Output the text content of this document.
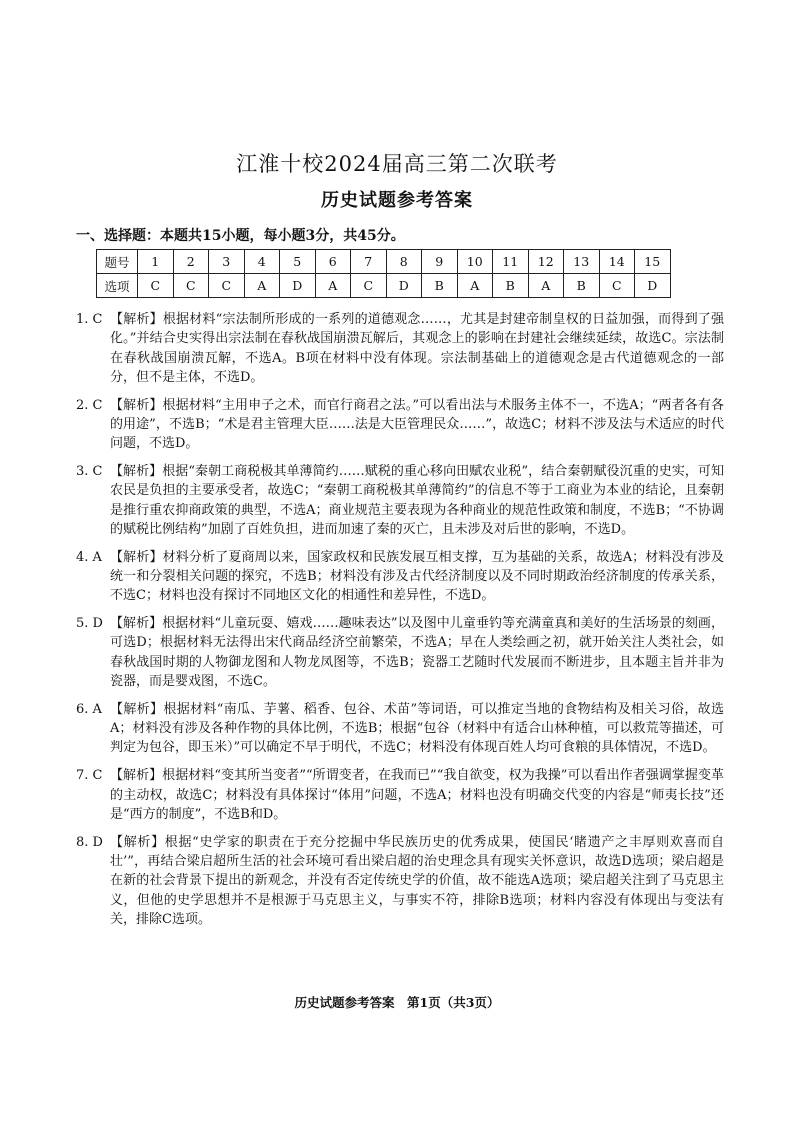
江淮十校2024届高三第二次联考
历史试题参考答案
一、选择题：本题共15小题，每小题3分，共45分。
题号	1	2	3	4	5	6	7	8	9	10	11	12	13	14	15
选项	C	C	C	A	D	A	C	D	B	A	B	A	B	C	D
1. C 【解析】根据材料“宗法制所形成的一系列的道德观念……，尤其是封建帝制皇权的日益加强，而得到了强化。”并结合史实得出宗法制在春秋战国崩溃瓦解后，其观念上的影响在封建社会继续延续，故选C。宗法制在春秋战国崩溃瓦解，不选A。B项在材料中没有体现。宗法制基础上的道德观念是古代道德观念的一部分，但不是主体，不选D。
2. C 【解析】根据材料“主用申子之术，而官行商君之法。”可以看出法与术服务主体不一，不选A；“两者各有各的用途”，不选B；“术是君主管理大臣……法是大臣管理民众……”，故选C；材料不涉及法与术适应的时代问题，不选D。
3. C 【解析】根据“秦朝工商税极其单薄简约……赋税的重心移向田赋农业税”，结合秦朝赋役沉重的史实，可知农民是负担的主要承受者，故选C；“秦朝工商税极其单薄简约”的信息不等于工商业为本业的结论，且秦朝是推行重农抑商政策的典型，不选A；商业规范主要表现为各种商业的规范性政策和制度，不选B；“不协调的赋税比例结构”加剧了百姓负担，进而加速了秦的灭亡，且未涉及对后世的影响，不选D。
4. A 【解析】材料分析了夏商周以来，国家政权和民族发展互相支撑，互为基础的关系，故选A；材料没有涉及统一和分裂相关问题的探究，不选B；材料没有涉及古代经济制度以及不同时期政治经济制度的传承关系，不选C；材料也没有探讨不同地区文化的相通性和差异性，不选D。
5. D 【解析】根据材料“儿童玩耍、嬉戏……趣味表达”以及图中儿童垂钓等充满童真和美好的生活场景的刻画，可选D；根据材料无法得出宋代商品经济空前繁荣，不选A；早在人类绘画之初，就开始关注人类社会，如春秋战国时期的人物御龙图和人物龙凤图等，不选B；瓷器工艺随时代发展而不断进步，且本题主旨并非为瓷器，而是婴戏图，不选C。
6. A 【解析】根据材料“南瓜、芋薯、稻香、包谷、术苗”等词语，可以推定当地的食物结构及相关习俗，故选A；材料没有涉及各种作物的具体比例，不选B；根据“包谷（材料中有适合山林种植，可以救荒等描述，可判定为包谷，即玉米）”可以确定不早于明代，不选C；材料没有体现百姓人均可食粮的具体情况，不选D。
7. C 【解析】根据材料“变其所当变者”“所谓变者，在我而已”“我自欲变，权为我操”可以看出作者强调掌握变革的主动权，故选C；材料没有具体探讨“体用”问题，不选A；材料也没有明确交代变的内容是“师夷长技”还是“西方的制度”，不选B和D。
8. D 【解析】根据“史学家的职责在于充分挖掘中华民族历史的优秀成果，使国民‘睹遗产之丰厚则欢喜而自壮’”，再结合梁启超所生活的社会环境可看出梁启超的治史理念具有现实关怀意识，故选D选项；梁启超是在新的社会背景下提出的新观念，并没有否定传统史学的价值，故不能选A选项；梁启超关注到了马克思主义，但他的史学思想并不是根源于马克思主义，与事实不符，排除B选项；材料内容没有体现出与变法有关，排除C选项。
历史试题参考答案　第1页（共3页）
